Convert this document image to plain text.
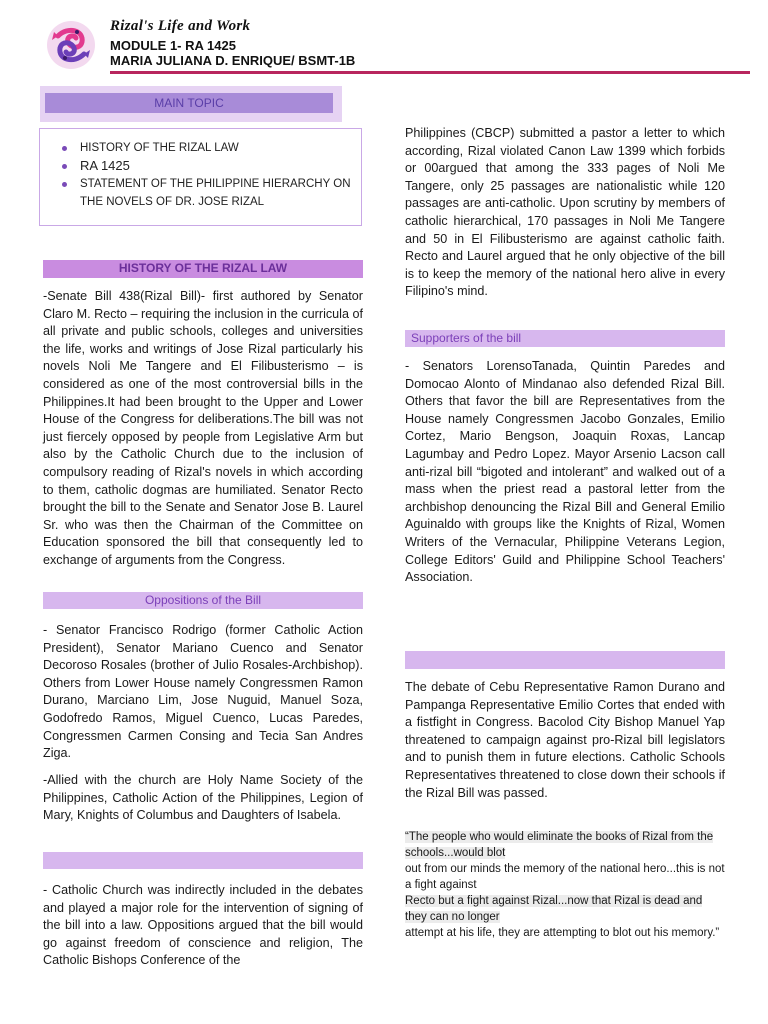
Rizal's Life and Work
MODULE 1- RA 1425
MARIA JULIANA D. ENRIQUE/ BSMT-1B
MAIN TOPIC
HISTORY OF THE RIZAL LAW
RA 1425
STATEMENT OF THE PHILIPPINE HIERARCHY ON THE NOVELS OF DR. JOSE RIZAL
HISTORY OF THE RIZAL LAW
-Senate Bill 438(Rizal Bill)- first authored by Senator Claro M. Recto – requiring the inclusion in the curricula of all private and public schools, colleges and universities the life, works and writings of Jose Rizal particularly his novels Noli Me Tangere and El Filibusterismo – is considered as one of the most controversial bills in the Philippines.It had been brought to the Upper and Lower House of the Congress for deliberations.The bill was not just fiercely opposed by people from Legislative Arm but also by the Catholic Church due to the inclusion of compulsory reading of Rizal's novels in which according to them, catholic dogmas are humiliated. Senator Recto brought the bill to the Senate and Senator Jose B. Laurel Sr. who was then the Chairman of the Committee on Education sponsored the bill that consequently led to exchange of arguments from the Congress.
Oppositions of the Bill
- Senator Francisco Rodrigo (former Catholic Action President), Senator Mariano Cuenco and Senator Decoroso Rosales (brother of Julio Rosales-Archbishop). Others from Lower House namely Congressmen Ramon Durano, Marciano Lim, Jose Nuguid, Manuel Soza, Godofredo Ramos, Miguel Cuenco, Lucas Paredes, Congressmen Carmen Consing and Tecia San Andres Ziga.
-Allied with the church are Holy Name Society of the Philippines, Catholic Action of the Philippines, Legion of Mary, Knights of Columbus and Daughters of Isabela.
- Catholic Church was indirectly included in the debates and played a major role for the intervention of signing of the bill into a law. Oppositions argued that the bill would go against freedom of conscience and religion, The Catholic Bishops Conference of the
Philippines (CBCP) submitted a pastor a letter to which according, Rizal violated Canon Law 1399 which forbids or 00argued that among the 333 pages of Noli Me Tangere, only 25 passages are nationalistic while 120 passages are anti-catholic. Upon scrutiny by members of catholic hierarchical, 170 passages in Noli Me Tangere and 50 in El Filibusterismo are against catholic faith. Recto and Laurel argued that he only objective of the bill is to keep the memory of the national hero alive in every Filipino's mind.
Supporters of the bill
- Senators LorensoTanada, Quintin Paredes and Domocao Alonto of Mindanao also defended Rizal Bill. Others that favor the bill are Representatives from the House namely Congressmen Jacobo Gonzales, Emilio Cortez, Mario Bengson, Joaquin Roxas, Lancap Lagumbay and Pedro Lopez. Mayor Arsenio Lacson call anti-rizal bill “bigoted and intolerant” and walked out of a mass when the priest read a pastoral letter from the archbishop denouncing the Rizal Bill and General Emilio Aguinaldo with groups like the Knights of Rizal, Women Writers of the Vernacular, Philippine Veterans Legion, College Editors' Guild and Philippine School Teachers' Association.
The debate of Cebu Representative Ramon Durano and Pampanga Representative Emilio Cortes that ended with a fistfight in Congress. Bacolod City Bishop Manuel Yap threatened to campaign against pro-Rizal bill legislators and to punish them in future elections. Catholic Schools Representatives threatened to close down their schools if the Rizal Bill was passed.
“The people who would eliminate the books of Rizal from the schools...would blot
out from our minds the memory of the national hero...this is not a fight against
Recto but a fight against Rizal...now that Rizal is dead and they can no longer
attempt at his life, they are attempting to blot out his memory.”
